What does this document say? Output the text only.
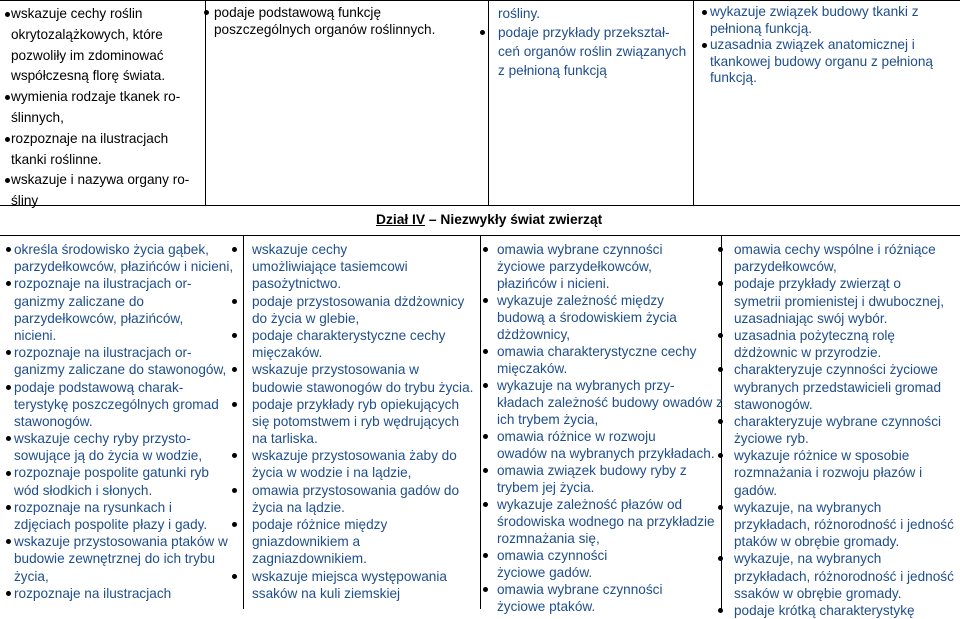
wskazuje cechy roślin
okrytozalążkowych, które
pozwoliły im zdominować
współczesną florę świata.
wymienia rodzaje tkanek ro-
ślinnych,
rozpoznaje na ilustracjach
tkanki roślinne.
wskazuje i nazywa organy ro-
śliny
podaje podstawową funkcję
poszczególnych organów roślinnych.
rośliny.
podaje przykłady przekształ-
ceń organów roślin związanych
z pełnioną funkcją
wykazuje związek budowy tkanki z
pełnioną funkcją.
uzasadnia związek anatomicznej i
tkankowej budowy organu z pełnioną
funkcją.
Dział IV – Niezwykły świat zwierząt
określa środowisko życia gąbek,
parzydełkowców, płazińców i nicieni,
rozpoznaje na ilustracjach or-
ganizmy zaliczane do
parzydełkowców, płazińców,
nicieni.
rozpoznaje na ilustracjach or-
ganizmy zaliczane do stawonogów,
podaje podstawową charak-
terystykę poszczególnych gromad
stawonogów.
wskazuje cechy ryby przysto-
sowujące ją do życia w wodzie,
rozpoznaje pospolite gatunki ryb
wód słodkich i słonych.
rozpoznaje na rysunkach i
zdjęciach pospolite płazy i gady.
wskazuje przystosowania ptaków w
budowie zewnętrznej do ich trybu
życia,
rozpoznaje na ilustracjach
wskazuje cechy
umożliwiające tasiemcowi
pasożytnictwo.
podaje przystosowania dżdżownicy
do życia w glebie,
podaje charakterystyczne cechy
mięczaków.
wskazuje przystosowania w
budowie stawonogów do trybu życia.
podaje przykłady ryb opiekujących
się potomstwem i ryb wędrujących
na tarliska.
wskazuje przystosowania żaby do
życia w wodzie i na lądzie,
omawia przystosowania gadów do
życia na lądzie.
podaje różnice między
gniazdownikiem a
zagniazdownikiem.
wskazuje miejsca występowania
ssaków na kuli ziemskiej
omawia wybrane czynności
życiowe parzydełkowców,
płazińców i nicieni.
wykazuje zależność między
budową a środowiskiem życia
dżdżownicy,
omawia charakterystyczne cechy
mięczaków.
wykazuje na wybranych przy-
kładach zależność budowy owadów z
ich trybem życia,
omawia różnice w rozwoju
owadów na wybranych przykładach.
omawia związek budowy ryby z
trybem jej życia.
wykazuje zależność płazów od
środowiska wodnego na przykładzie
rozmnażania się,
omawia czynności
życiowe gadów.
omawia wybrane czynności
życiowe ptaków.
omawia cechy wspólne i różniące
parzydełkowców,
podaje przykłady zwierząt o
symetrii promienistej i dwubocznej,
uzasadniając swój wybór.
uzasadnia pożyteczną rolę
dżdżownic w przyrodzie.
charakteryzuje czynności życiowe
wybranych przedstawicieli gromad
stawonogów.
charakteryzuje wybrane czynności
życiowe ryb.
wykazuje różnice w sposobie
rozmnażania i rozwoju płazów i
gadów.
wykazuje, na wybranych
przykładach, różnorodność i jedność
ptaków w obrębie gromady.
wykazuje, na wybranych
przykładach, różnorodność i jedność
ssaków w obrębie gromady.
podaje krótką charakterystykę
